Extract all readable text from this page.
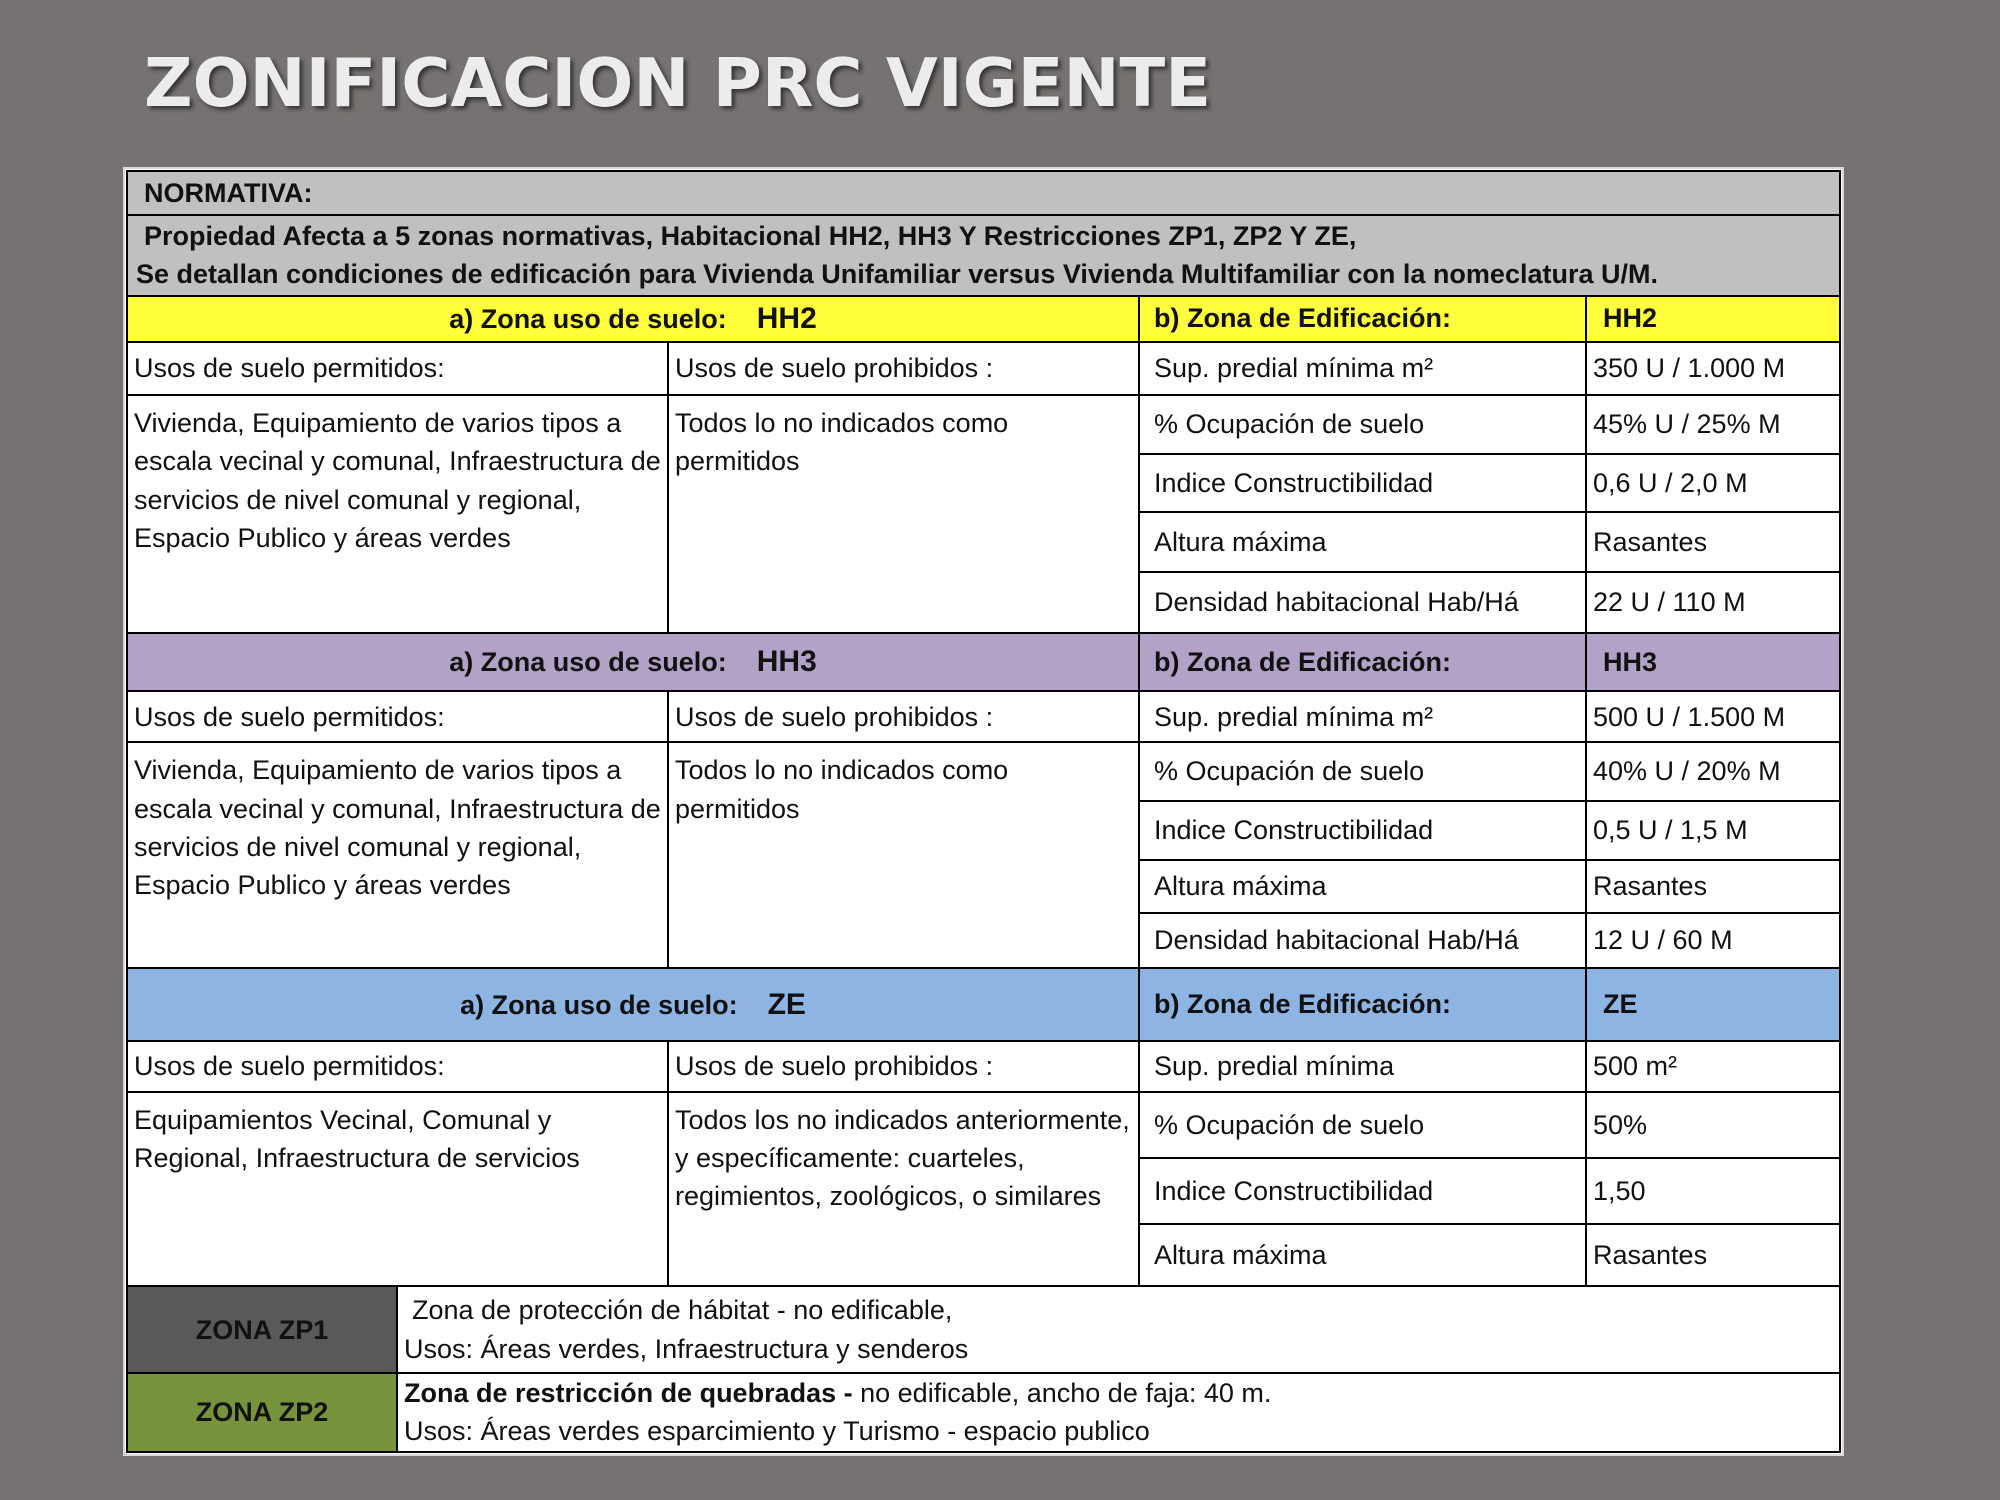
ZONIFICACION PRC VIGENTE
NORMATIVA:				

Propiedad Afecta a 5 zonas normativas, Habitacional HH2, HH3 Y Restricciones ZP1, ZP2 Y ZE,
Se detallan condiciones de edificación para Vivienda Unifamiliar versus Vivienda Multifamiliar con la nomeclatura U/M.				

a) Zona uso de suelo: HH2			b) Zona de Edificación:	HH2
Usos de suelo permitidos:		Usos de suelo prohibidos :	Sup. predial mínima m²	350 U / 1.000 M
Vivienda, Equipamiento de varios tipos a escala vecinal y comunal, Infraestructura de servicios de nivel comunal y regional, Espacio Publico y áreas verdes		Todos lo no indicados como permitidos	% Ocupación de suelo	45% U / 25% M
			Indice Constructibilidad	0,6 U / 2,0 M
			Altura máxima	Rasantes
			Densidad habitacional Hab/Há	22 U / 110 M
a) Zona uso de suelo: HH3			b) Zona de Edificación:	HH3
Usos de suelo permitidos:		Usos de suelo prohibidos :	Sup. predial mínima m²	500 U / 1.500 M
Vivienda, Equipamiento de varios tipos a escala vecinal y comunal, Infraestructura de servicios de nivel comunal y regional, Espacio Publico y áreas verdes		Todos lo no indicados como permitidos	% Ocupación de suelo	40% U / 20% M
			Indice Constructibilidad	0,5 U / 1,5 M
			Altura máxima	Rasantes
			Densidad habitacional Hab/Há	12 U / 60 M
a) Zona uso de suelo: ZE			b) Zona de Edificación:	ZE
Usos de suelo permitidos:		Usos de suelo prohibidos :	Sup. predial mínima	500 m²
Equipamientos Vecinal, Comunal y Regional, Infraestructura de servicios		Todos los no indicados anteriormente, y específicamente: cuarteles, regimientos, zoológicos, o similares	% Ocupación de suelo	50%
			Indice Constructibilidad	1,50
			Altura máxima	Rasantes
ZONA ZP1	Zona de protección de hábitat - no edificable,
Usos: Áreas verdes, Infraestructura y senderos			

ZONA ZP2	Zona de restricción de quebradas - no edificable, ancho de faja: 40 m.
Usos: Áreas verdes esparcimiento y Turismo - espacio publico			
